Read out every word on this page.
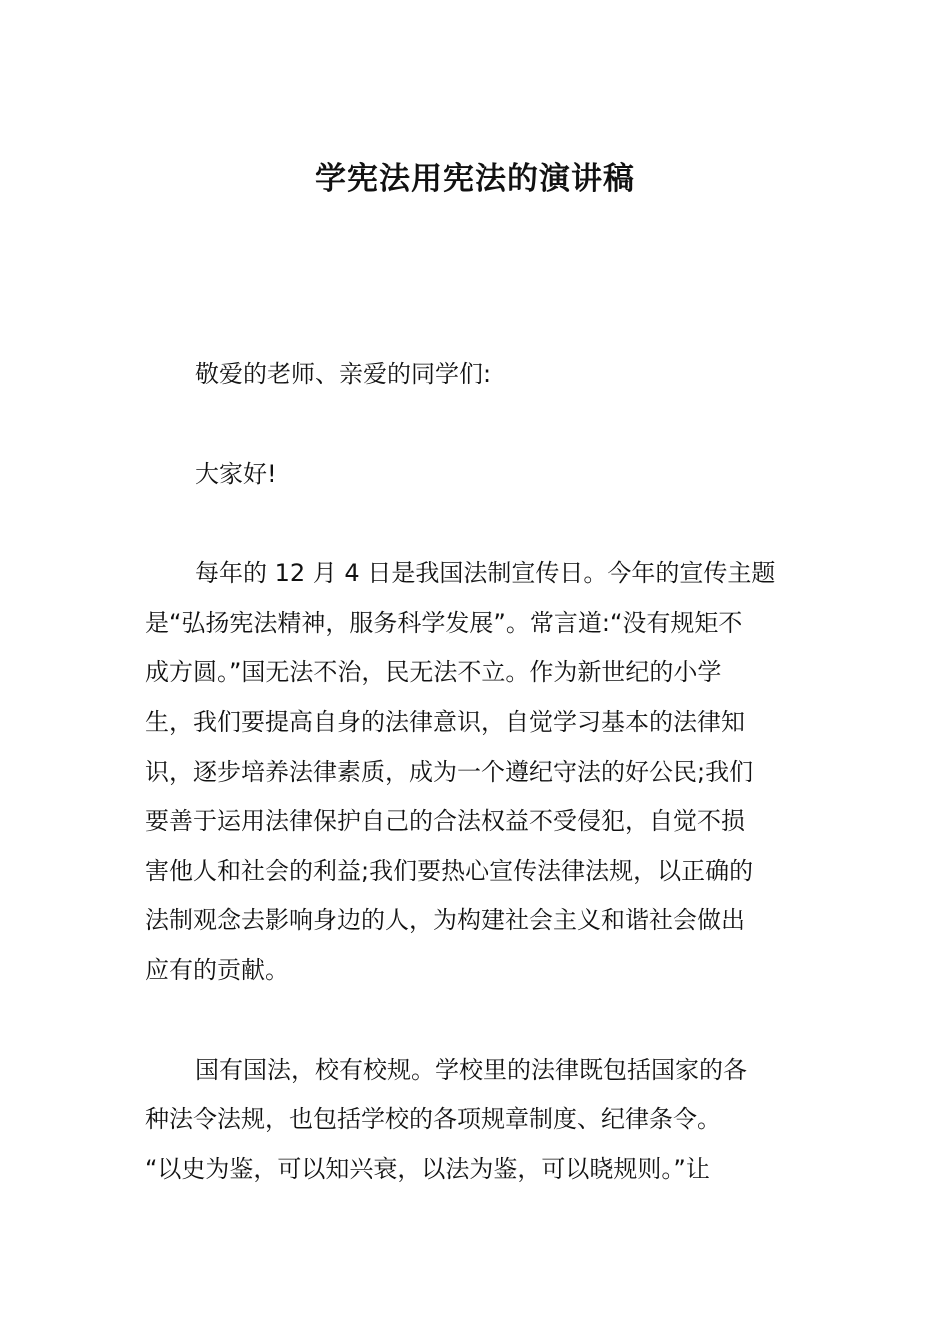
学宪法用宪法的演讲稿

敬爱的老师、亲爱的同学们:

大家好!

每年的 12 月 4 日是我国法制宣传日。今年的宣传主题
是“弘扬宪法精神，服务科学发展”。常言道:“没有规矩不
成方圆。”国无法不治，民无法不立。作为新世纪的小学
生，我们要提高自身的法律意识，自觉学习基本的法律知
识，逐步培养法律素质，成为一个遵纪守法的好公民;我们
要善于运用法律保护自己的合法权益不受侵犯，自觉不损
害他人和社会的利益;我们要热心宣传法律法规，以正确的
法制观念去影响身边的人，为构建社会主义和谐社会做出
应有的贡献。

国有国法，校有校规。学校里的法律既包括国家的各
种法令法规，也包括学校的各项规章制度、纪律条令。
“以史为鉴，可以知兴衰，以法为鉴，可以晓规则。”让
